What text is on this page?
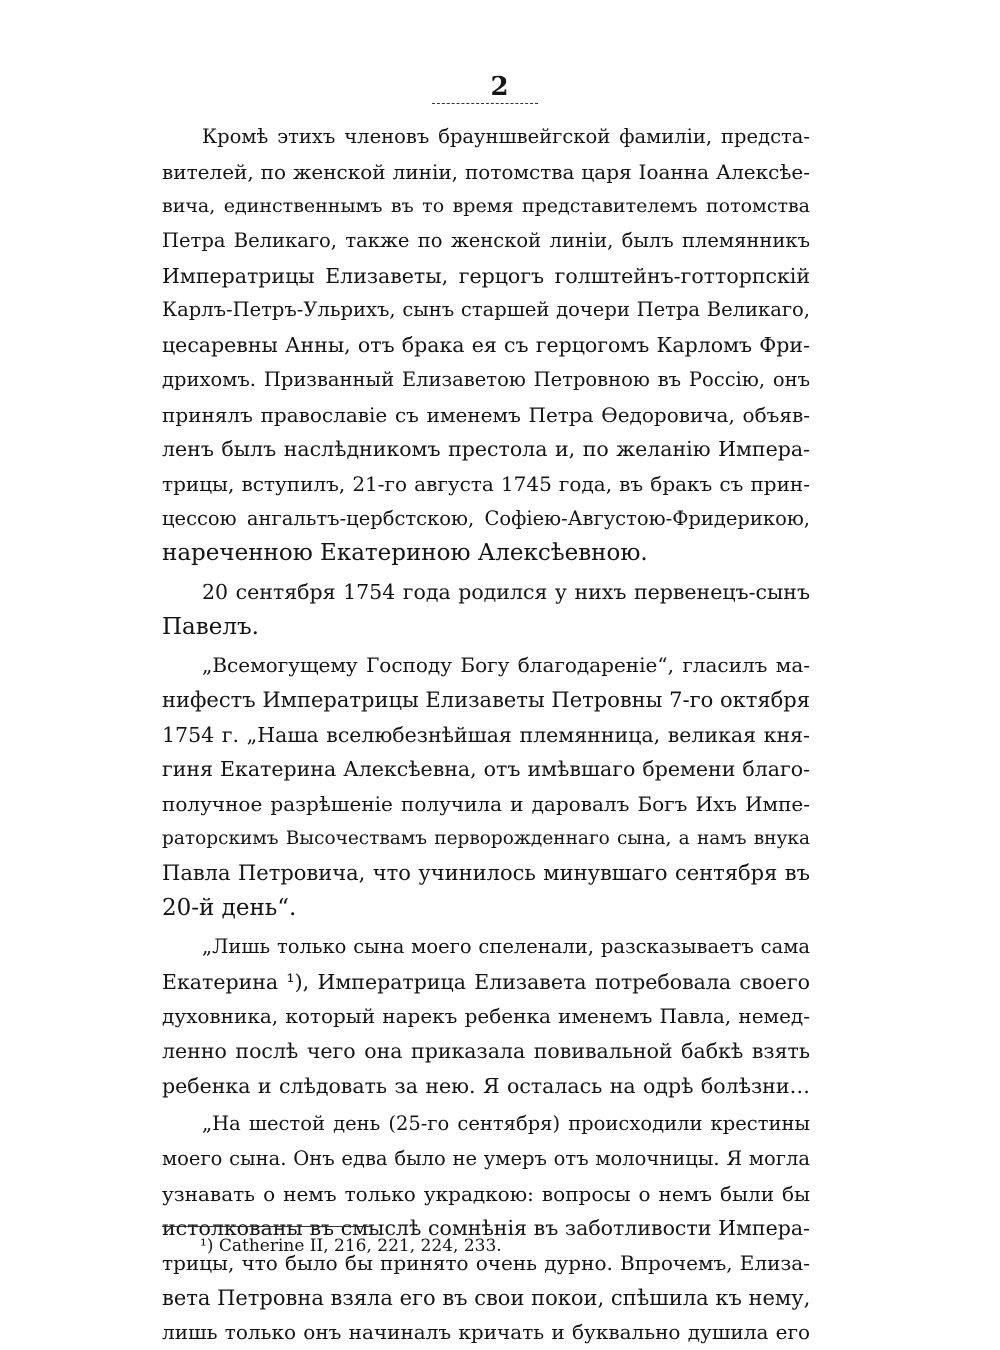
2

Кромѣ этихъ членовъ брауншвейгской фамиліи, предста-
вителей, по женской линіи, потомства царя Іоанна Алексѣе-
вича, единственнымъ въ то время представителемъ потомства
Петра Великаго, также по женской линіи, былъ племянникъ
Императрицы Елизаветы, герцогъ голштейнъ-готторпскій
Карлъ-Петръ-Ульрихъ, сынъ старшей дочери Петра Великаго,
цесаревны Анны, отъ брака ея съ герцогомъ Карломъ Фри-
дрихомъ. Призванный Елизаветою Петровною въ Россію, онъ
принялъ православіе съ именемъ Петра Ѳедоровича, объяв-
ленъ былъ наслѣдникомъ престола и, по желанію Импера-
трицы, вступилъ, 21-го августа 1745 года, въ бракъ съ прин-
цессою ангальтъ-цербстскою, Софіею-Августою-Фридерикою,
нареченною Екатериною Алексѣевною.

20 сентября 1754 года родился у нихъ первенецъ-сынъ
Павелъ.

„Всемогущему Господу Богу благодареніе“, гласилъ ма-
нифестъ Императрицы Елизаветы Петровны 7-го октября
1754 г. „Наша вселюбезнѣйшая племянница, великая кня-
гиня Екатерина Алексѣевна, отъ имѣвшаго бремени благо-
получное разрѣшеніе получила и даровалъ Богъ Ихъ Импе-
раторскимъ Высочествамъ перворожденнаго сына, а намъ внука
Павла Петровича, что учинилось минувшаго сентября въ
20-й день“.

„Лишь только сына моего спеленали, разсказываетъ сама
Екатерина ¹), Императрица Елизавета потребовала своего
духовника, который нарекъ ребенка именемъ Павла, немед-
ленно послѣ чего она приказала повивальной бабкѣ взять
ребенка и слѣдовать за нею. Я осталась на одрѣ болѣзни…

„На шестой день (25-го сентября) происходили крестины
моего сына. Онъ едва было не умеръ отъ молочницы. Я могла
узнавать о немъ только украдкою: вопросы о немъ были бы
истолкованы въ смыслѣ сомнѣнія въ заботливости Импера-
трицы, что было бы принято очень дурно. Впрочемъ, Елиза-
вета Петровна взяла его въ свои покои, спѣшила къ нему,
лишь только онъ начиналъ кричать и буквально душила его

¹) Catherine II, 216, 221, 224, 233.
